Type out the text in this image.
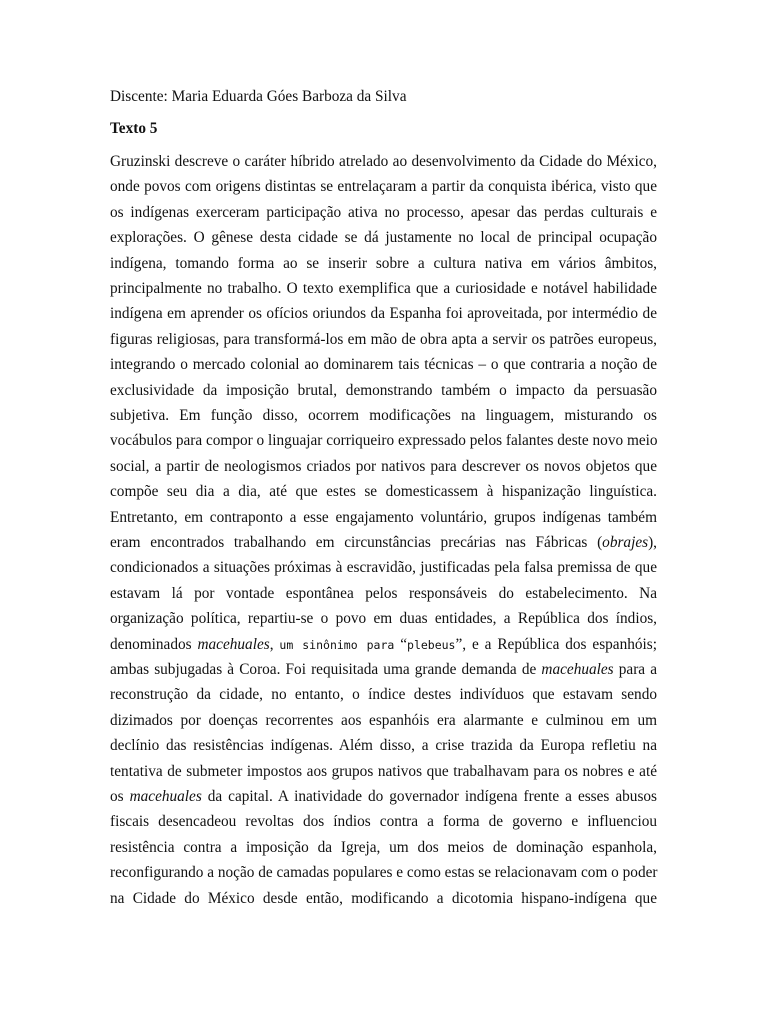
Discente: Maria Eduarda Góes Barboza da Silva

Texto 5

Gruzinski descreve o caráter híbrido atrelado ao desenvolvimento da Cidade do México,

onde povos com origens distintas se entrelaçaram a partir da conquista ibérica, visto que

os indígenas exerceram participação ativa no processo, apesar das perdas culturais e

explorações. O gênese desta cidade se dá justamente no local de principal ocupação

indígena, tomando forma ao se inserir sobre a cultura nativa em vários âmbitos,

principalmente no trabalho. O texto exemplifica que a curiosidade e notável habilidade

indígena em aprender os ofícios oriundos da Espanha foi aproveitada, por intermédio de

figuras religiosas, para transformá-los em mão de obra apta a servir os patrões europeus,

integrando o mercado colonial ao dominarem tais técnicas – o que contraria a noção de

exclusividade da imposição brutal, demonstrando também o impacto da persuasão

subjetiva. Em função disso, ocorrem modificações na linguagem, misturando os

vocábulos para compor o linguajar corriqueiro expressado pelos falantes deste novo meio

social, a partir de neologismos criados por nativos para descrever os novos objetos que

compõe seu dia a dia, até que estes se domesticassem à hispanização linguística.

Entretanto, em contraponto a esse engajamento voluntário, grupos indígenas também

eram encontrados trabalhando em circunstâncias precárias nas Fábricas (obrajes),

condicionados a situações próximas à escravidão, justificadas pela falsa premissa de que

estavam lá por vontade espontânea pelos responsáveis do estabelecimento. Na

organização política, repartiu-se o povo em duas entidades, a República dos índios,

denominados macehuales, um sinônimo para “plebeus”, e a República dos espanhóis;

ambas subjugadas à Coroa. Foi requisitada uma grande demanda de macehuales para a

reconstrução da cidade, no entanto, o índice destes indivíduos que estavam sendo

dizimados por doenças recorrentes aos espanhóis era alarmante e culminou em um

declínio das resistências indígenas. Além disso, a crise trazida da Europa refletiu na

tentativa de submeter impostos aos grupos nativos que trabalhavam para os nobres e até

os macehuales da capital. A inatividade do governador indígena frente a esses abusos

fiscais desencadeou revoltas dos índios contra a forma de governo e influenciou

resistência contra a imposição da Igreja, um dos meios de dominação espanhola,

reconfigurando a noção de camadas populares e como estas se relacionavam com o poder

na Cidade do México desde então, modificando a dicotomia hispano-indígena que
